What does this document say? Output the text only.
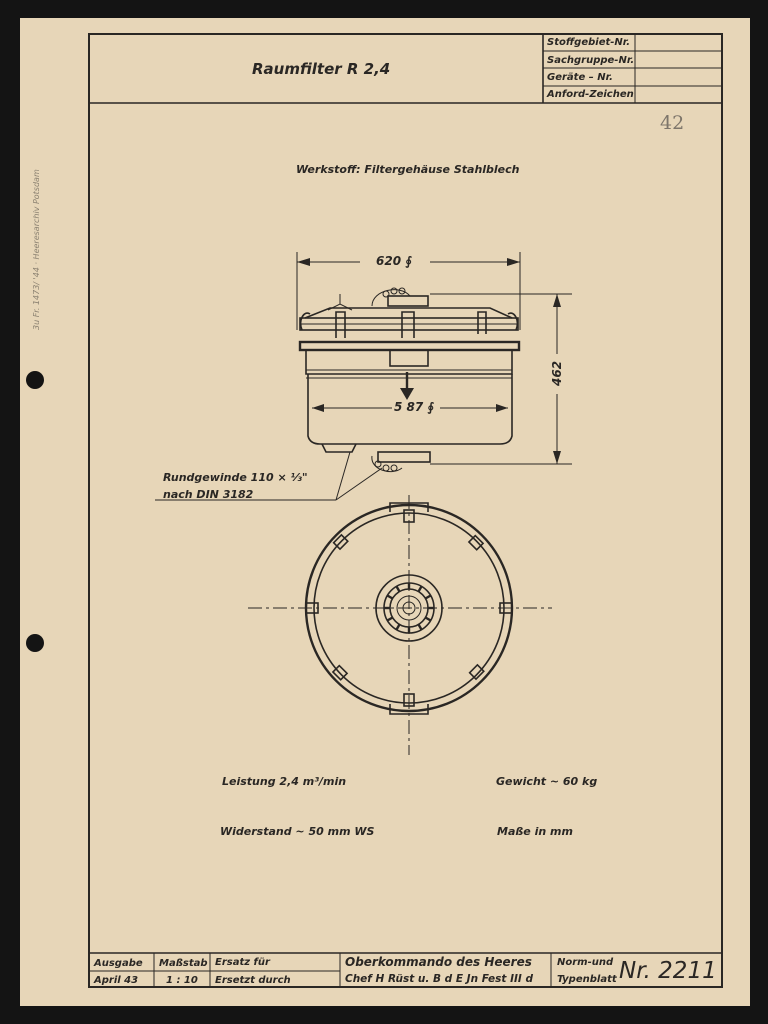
3u Fr. 1473/ '44 · Heeresarchiv Potsdam
Raumfilter R 2,4
Stoffgebiet-Nr.
Sachgruppe-Nr.
Geräte – Nr.
Anford-Zeichen
42
Werkstoff: Filtergehäuse Stahlblech
620 ∮
5 87 ∮
462
Rundgewinde 110 × ⅓"
nach DIN 3182
Leistung 2,4 m³/min	Gewicht ~ 60 kg
Widerstand ~ 50 mm WS	Maße in mm
Ausgabe
April 43
Maßstab
1 : 10
Ersatz für
Ersetzt durch
Oberkommando des Heeres
Chef H Rüst u. B d E Jn Fest III d
Norm-und
Typenblatt Nr. 2211
